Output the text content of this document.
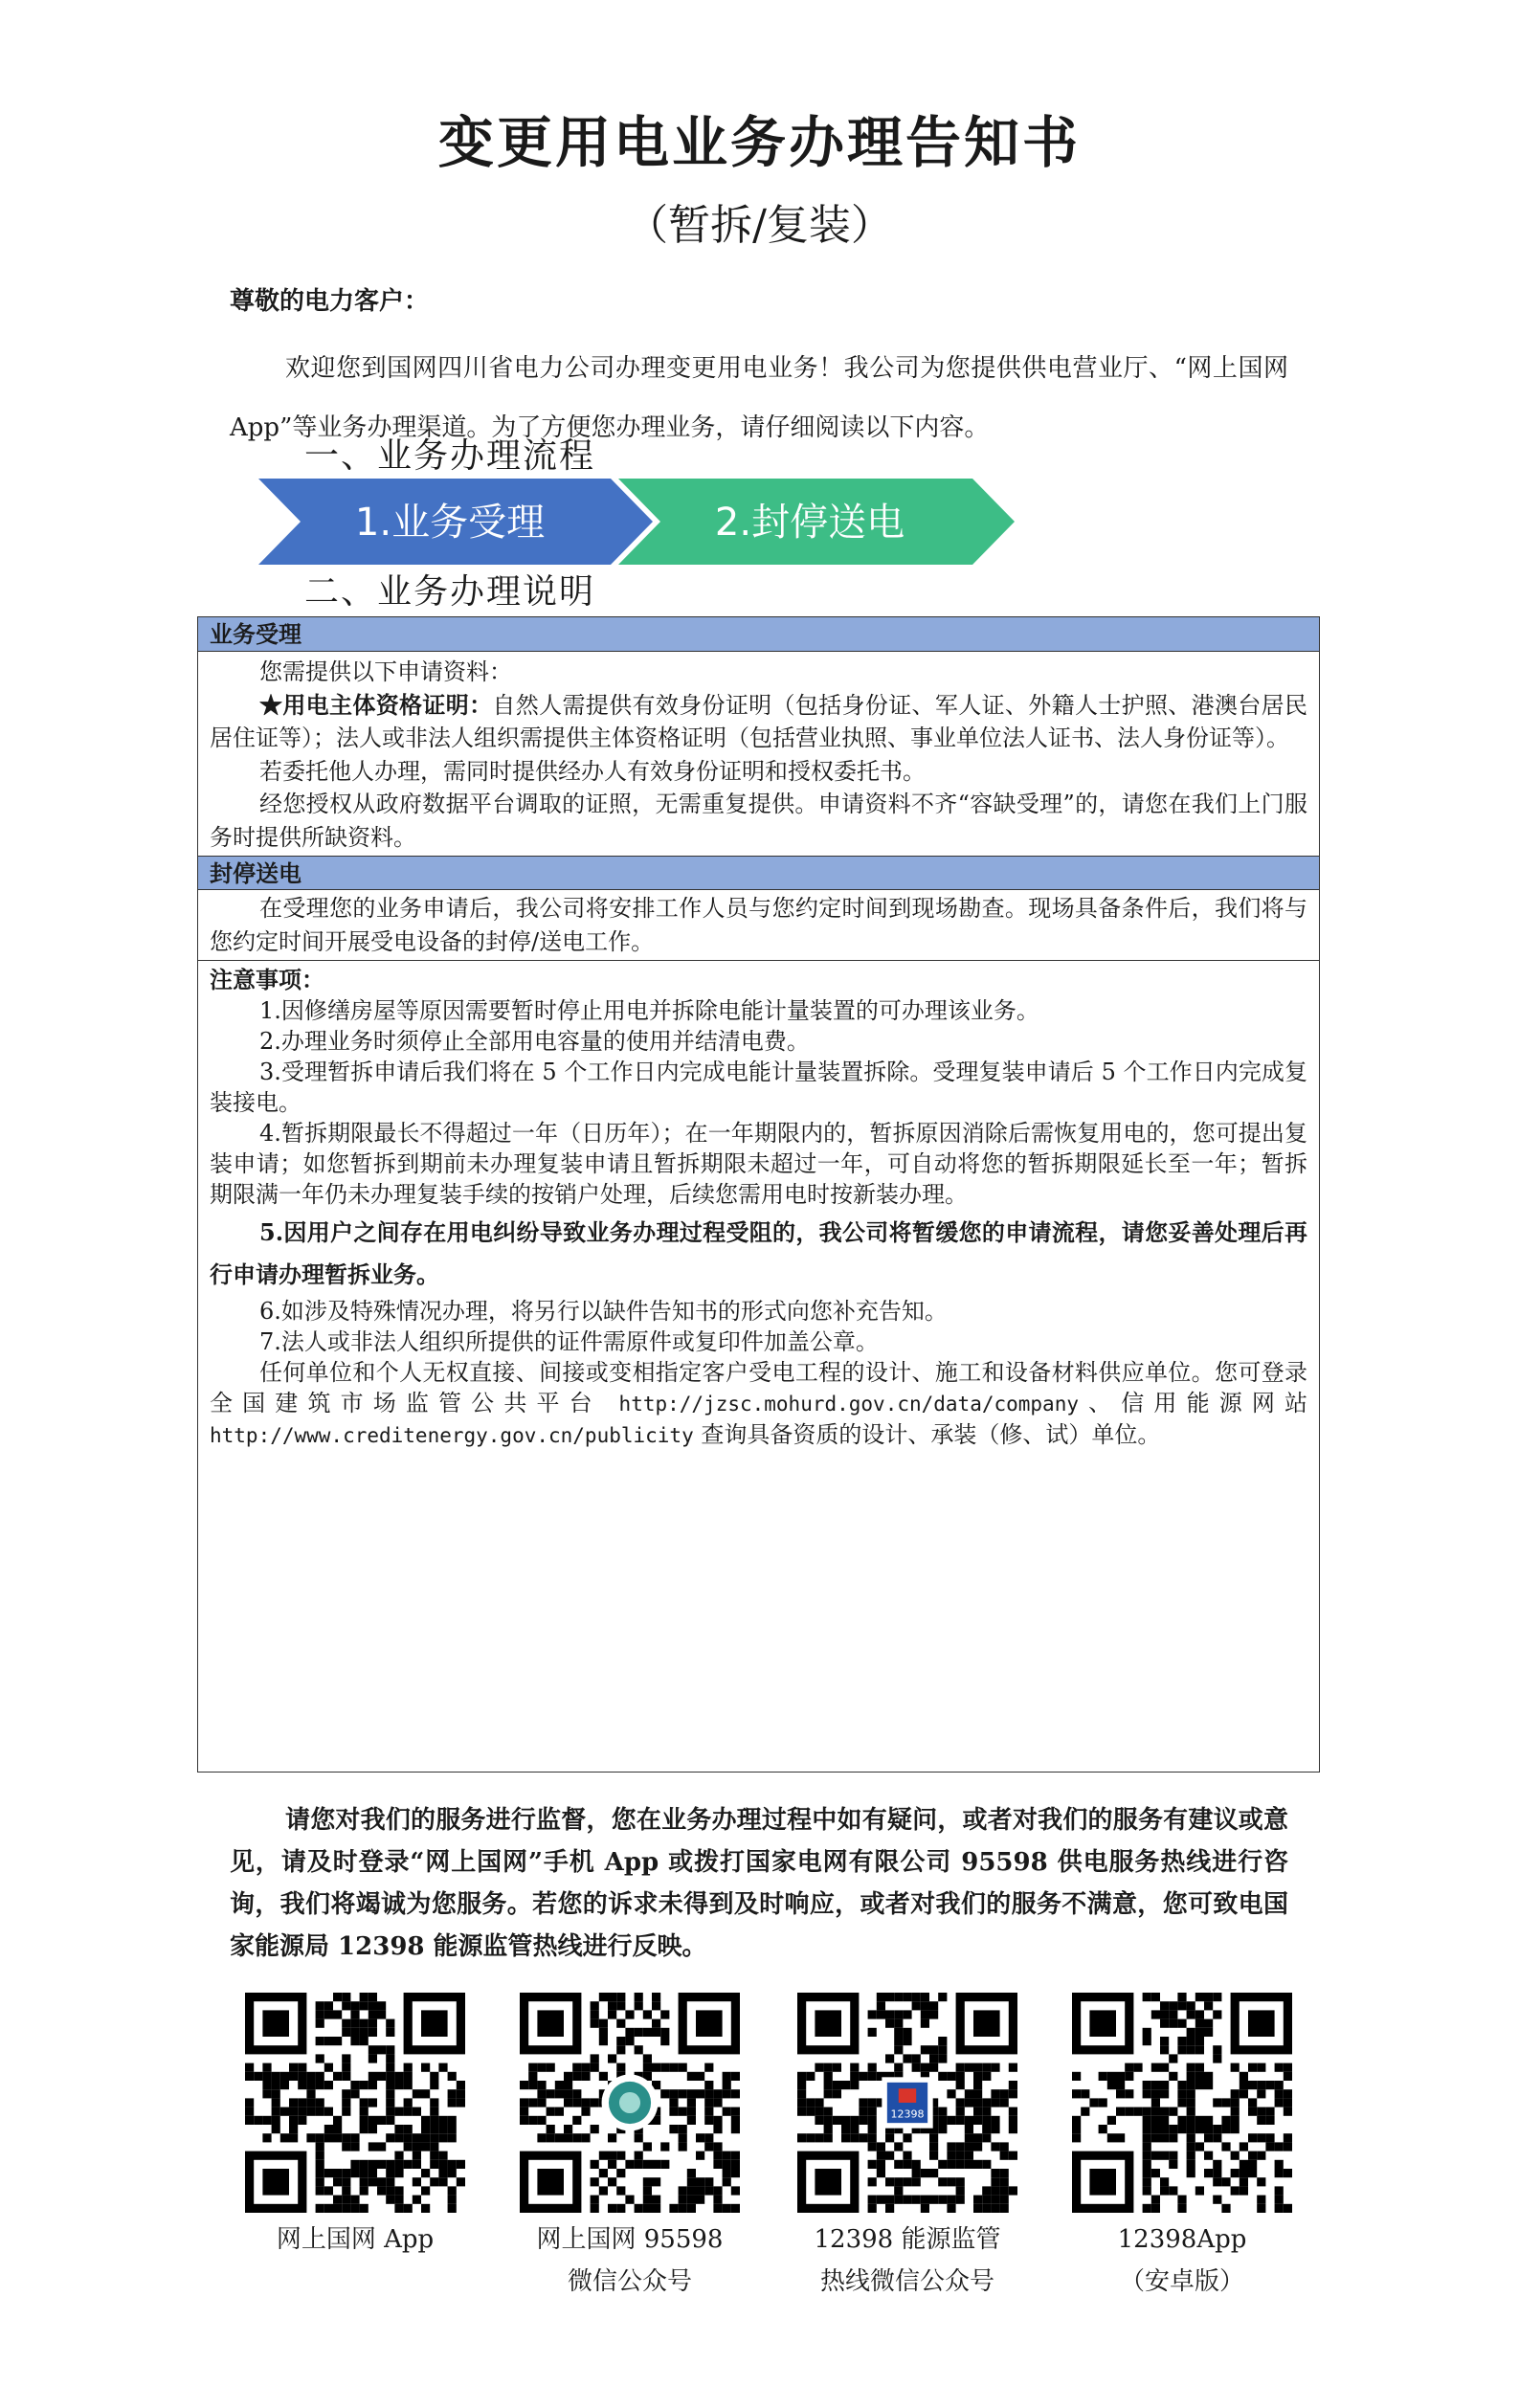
变更用电业务办理告知书
（暂拆/复装）
尊敬的电力客户：
欢迎您到国网四川省电力公司办理变更用电业务！我公司为您提供供电营业厅、“网上国网 App”等业务办理渠道。为了方便您办理业务，请仔细阅读以下内容。
一、业务办理流程
1.业务受理	2.封停送电
二、业务办理说明
业务受理

您需提供以下申请资料：

★用电主体资格证明：自然人需提供有效身份证明（包括身份证、军人证、外籍人士护照、港澳台居民居住证等）；法人或非法人组织需提供主体资格证明（包括营业执照、事业单位法人证书、法人身份证等）。

若委托他人办理，需同时提供经办人有效身份证明和授权委托书。

经您授权从政府数据平台调取的证照，无需重复提供。申请资料不齐“容缺受理”的，请您在我们上门服务时提供所缺资料。

封停送电

在受理您的业务申请后，我公司将安排工作人员与您约定时间到现场勘查。现场具备条件后，我们将与您约定时间开展受电设备的封停/送电工作。

注意事项：

1.因修缮房屋等原因需要暂时停止用电并拆除电能计量装置的可办理该业务。

2.办理业务时须停止全部用电容量的使用并结清电费。

3.受理暂拆申请后我们将在 5 个工作日内完成电能计量装置拆除。受理复装申请后 5 个工作日内完成复装接电。

4.暂拆期限最长不得超过一年（日历年）；在一年期限内的，暂拆原因消除后需恢复用电的，您可提出复装申请；如您暂拆到期前未办理复装申请且暂拆期限未超过一年，可自动将您的暂拆期限延长至一年；暂拆期限满一年仍未办理复装手续的按销户处理，后续您需用电时按新装办理。

5.因用户之间存在用电纠纷导致业务办理过程受阻的，我公司将暂缓您的申请流程，请您妥善处理后再行申请办理暂拆业务。

6.如涉及特殊情况办理，将另行以缺件告知书的形式向您补充告知。

7.法人或非法人组织所提供的证件需原件或复印件加盖公章。

任何单位和个人无权直接、间接或变相指定客户受电工程的设计、施工和设备材料供应单位。您可登录全国建筑市场监管公共平台 http://jzsc.mohurd.gov.cn/data/company、信用能源网站 http://www.creditenergy.gov.cn/publicity 查询具备资质的设计、承装（修、试）单位。

请您对我们的服务进行监督，您在业务办理过程中如有疑问，或者对我们的服务有建议或意见，请及时登录“网上国网”手机 App 或拨打国家电网有限公司 95598 供电服务热线进行咨询，我们将竭诚为您服务。若您的诉求未得到及时响应，或者对我们的服务不满意，您可致电国家能源局 12398 能源监管热线进行反映。

12398
网上国网 App	网上国网 95598
微信公众号
12398 能源监管
热线微信公众号
12398App
（安卓版）
